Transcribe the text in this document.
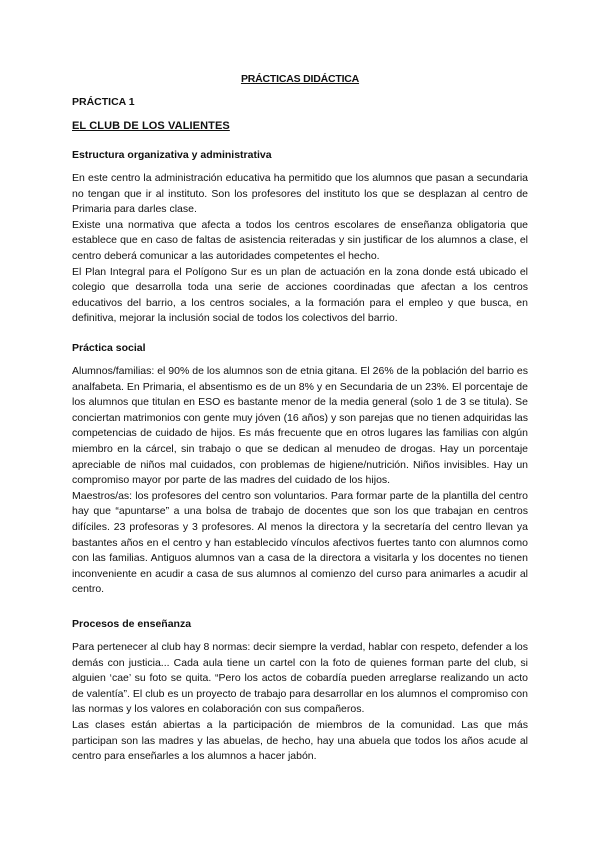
PRÁCTICAS DIDÁCTICA
PRÁCTICA 1
EL CLUB DE LOS VALIENTES

Estructura organizativa y administrativa

En este centro la administración educativa ha permitido que los alumnos que pasan a secundaria no tengan que ir al instituto. Son los profesores del instituto los que se desplazan al centro de Primaria para darles clase.

Existe una normativa que afecta a todos los centros escolares de enseñanza obligatoria que establece que en caso de faltas de asistencia reiteradas y sin justificar de los alumnos a clase, el centro deberá comunicar a las autoridades competentes el hecho.

El Plan Integral para el Polígono Sur es un plan de actuación en la zona donde está ubicado el colegio que desarrolla toda una serie de acciones coordinadas que afectan a los centros educativos del barrio, a los centros sociales, a la formación para el empleo y que busca, en definitiva, mejorar la inclusión social de todos los colectivos del barrio.

Práctica social

Alumnos/familias: el 90% de los alumnos son de etnia gitana. El 26% de la población del barrio es analfabeta. En Primaria, el absentismo es de un 8% y en Secundaria de un 23%. El porcentaje de los alumnos que titulan en ESO es bastante menor de la media general (solo 1 de 3 se titula). Se conciertan matrimonios con gente muy jóven (16 años) y son parejas que no tienen adquiridas las competencias de cuidado de hijos. Es más frecuente que en otros lugares las familias con algún miembro en la cárcel, sin trabajo o que se dedican al menudeo de drogas. Hay un porcentaje apreciable de niños mal cuidados, con problemas de higiene/nutrición. Niños invisibles. Hay un compromiso mayor por parte de las madres del cuidado de los hijos.

Maestros/as: los profesores del centro son voluntarios. Para formar parte de la plantilla del centro hay que “apuntarse” a una bolsa de trabajo de docentes que son los que trabajan en centros difíciles. 23 profesoras y 3 profesores. Al menos la directora y la secretaría del centro llevan ya bastantes años en el centro y han establecido vínculos afectivos fuertes tanto con alumnos como con las familias. Antiguos alumnos van a casa de la directora a visitarla y los docentes no tienen inconveniente en acudir a casa de sus alumnos al comienzo del curso para animarles a acudir al centro.

Procesos de enseñanza

Para pertenecer al club hay 8 normas: decir siempre la verdad, hablar con respeto, defender a los demás con justicia... Cada aula tiene un cartel con la foto de quienes forman parte del club, si alguien ‘cae’ su foto se quita. “Pero los actos de cobardía pueden arreglarse realizando un acto de valentía”. El club es un proyecto de trabajo para desarrollar en los alumnos el compromiso con las normas y los valores en colaboración con sus compañeros.

Las clases están abiertas a la participación de miembros de la comunidad. Las que más participan son las madres y las abuelas, de hecho, hay una abuela que todos los años acude al centro para enseñarles a los alumnos a hacer jabón.
